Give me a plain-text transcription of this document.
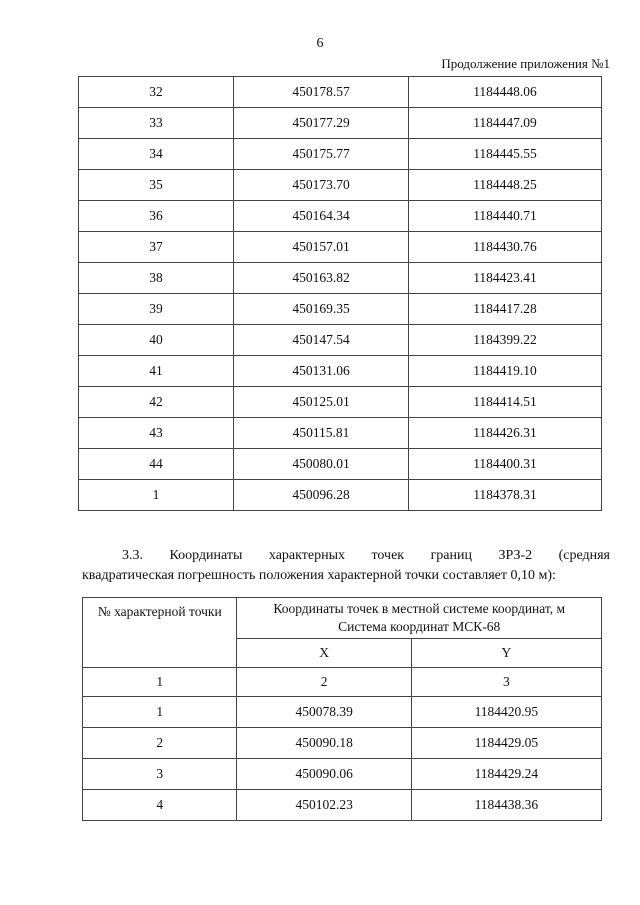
6
Продолжение приложения №1
32	450178.57	1184448.06
33	450177.29	1184447.09
34	450175.77	1184445.55
35	450173.70	1184448.25
36	450164.34	1184440.71
37	450157.01	1184430.76
38	450163.82	1184423.41
39	450169.35	1184417.28
40	450147.54	1184399.22
41	450131.06	1184419.10
42	450125.01	1184414.51
43	450115.81	1184426.31
44	450080.01	1184400.31
1	450096.28	1184378.31
3.3. Координаты характерных точек границ ЗРЗ-2 (средняя
квадратическая погрешность положения характерной точки составляет 0,10 м):
№ характерной точки	Координаты точек в местной системе координат, м
Система координат МСК-68	
	X	Y
1	2	3
1	450078.39	1184420.95
2	450090.18	1184429.05
3	450090.06	1184429.24
4	450102.23	1184438.36
